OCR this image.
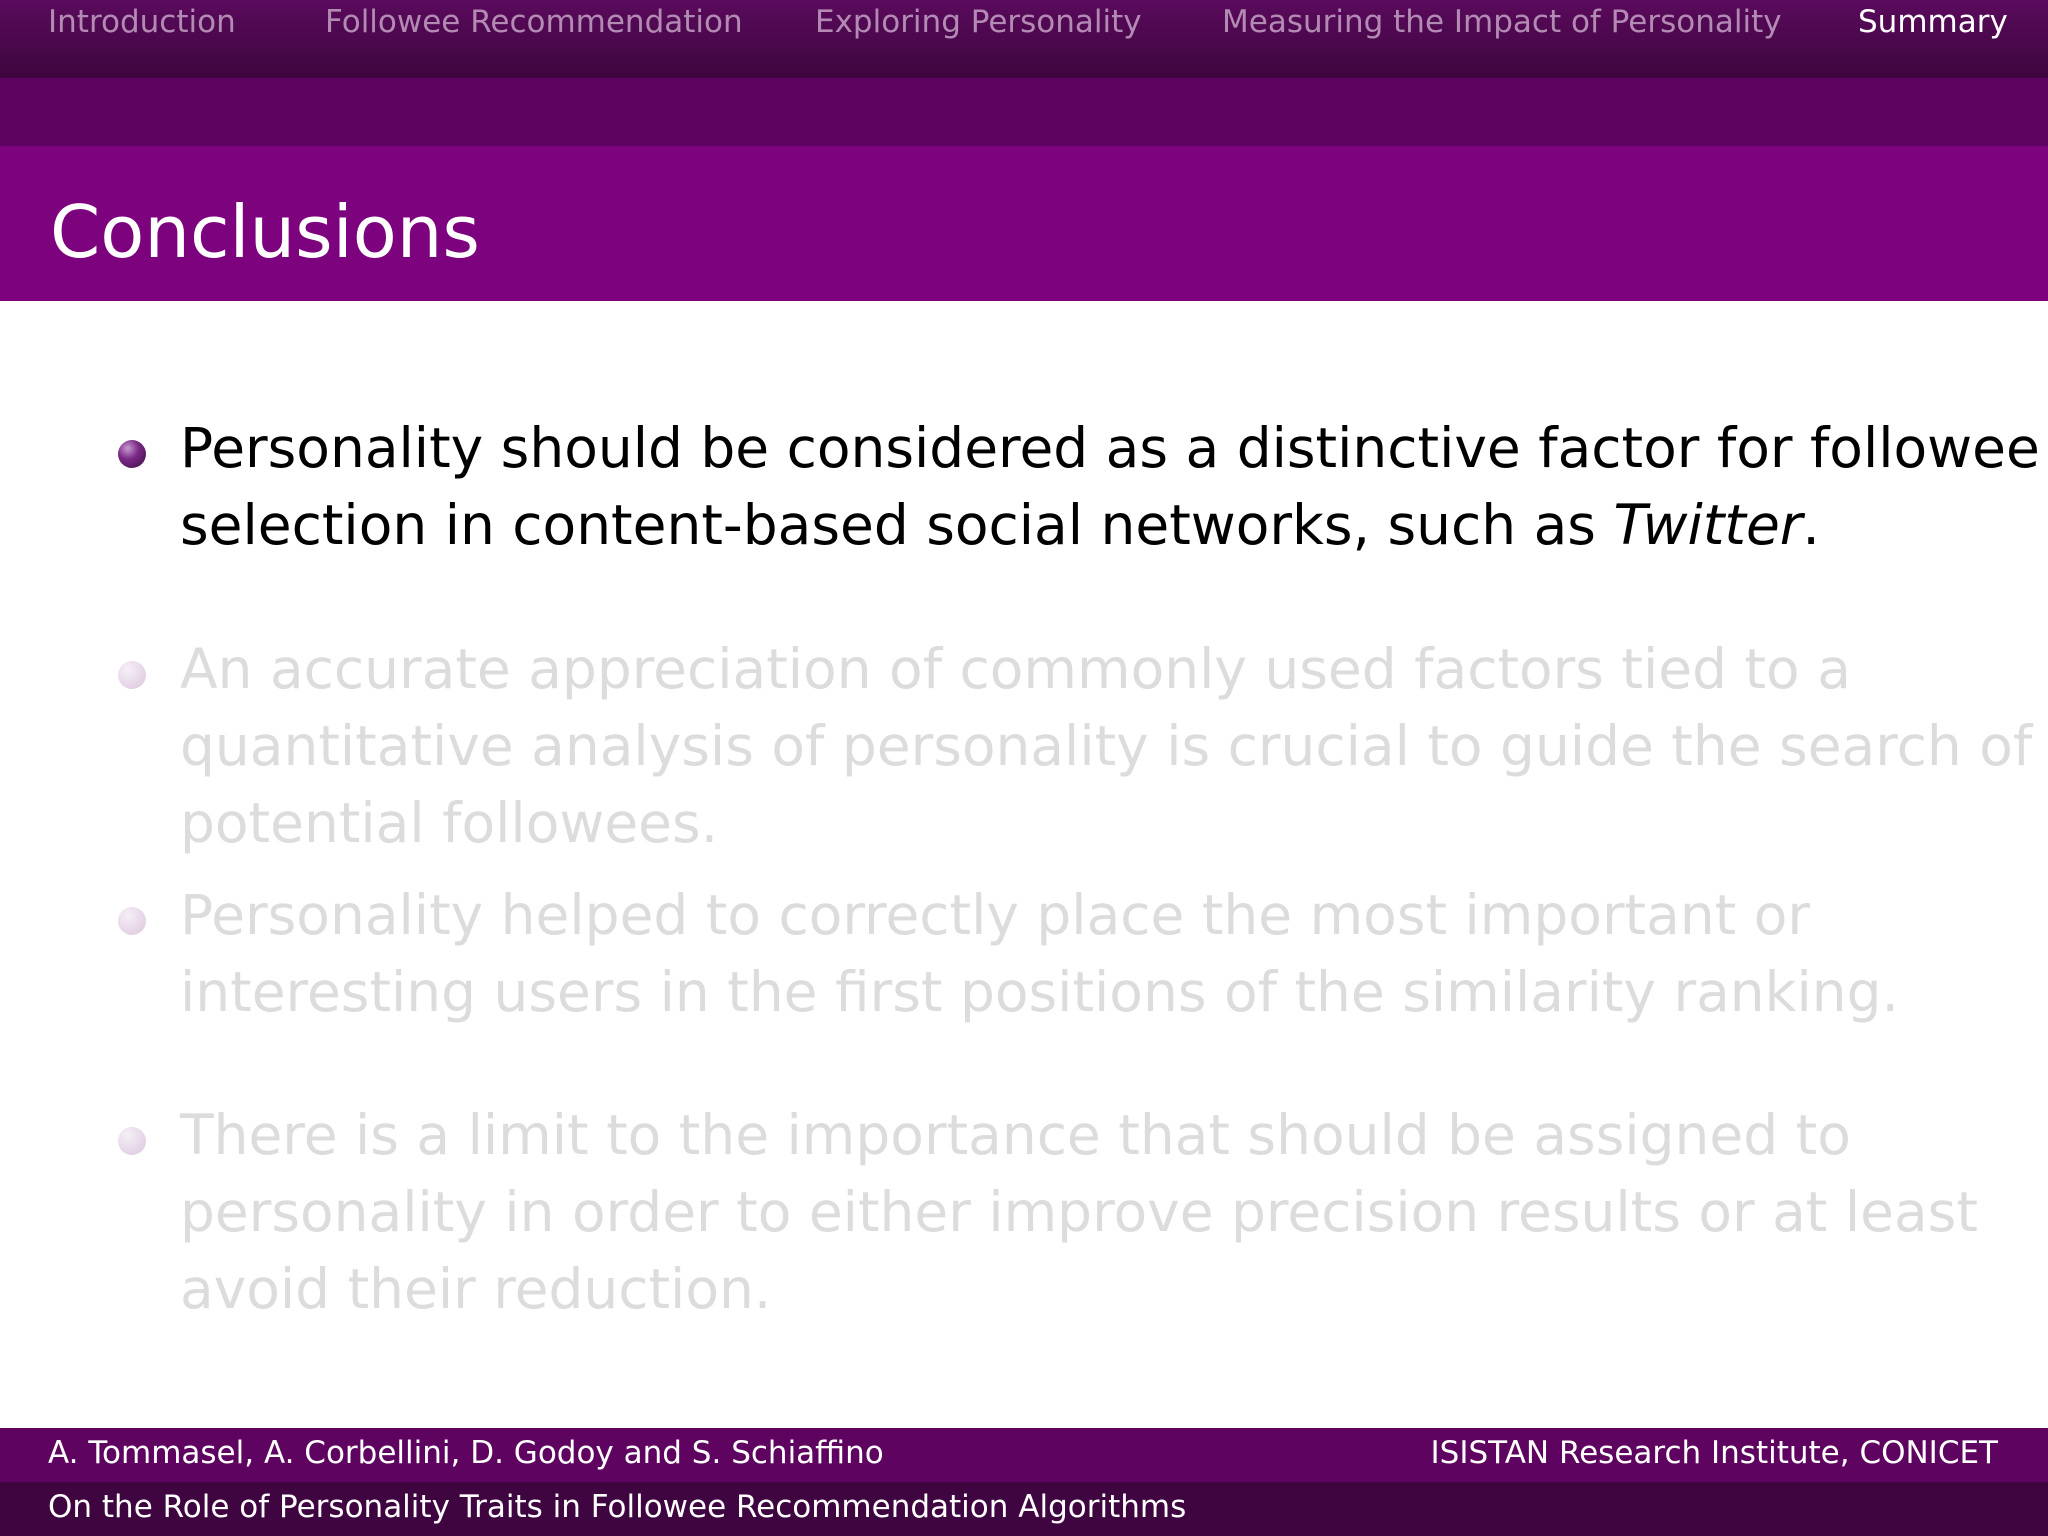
Introduction	Followee Recommendation Exploring Personality	Measuring the Impact of Personality Summary
Conclusions
Personality should be considered as a distinctive factor for followee selection in content-based social networks, such as Twitter.
An accurate appreciation of commonly used factors tied to a quantitative analysis of personality is crucial to guide the search of potential followees.
Personality helped to correctly place the most important or interesting users in the first positions of the similarity ranking.
There is a limit to the importance that should be assigned to personality in order to either improve precision results or at least avoid their reduction.
A. Tommasel, A. Corbellini, D. Godoy and S. Schiaffino	ISISTAN Research Institute, CONICET
On the Role of Personality Traits in Followee Recommendation Algorithms
